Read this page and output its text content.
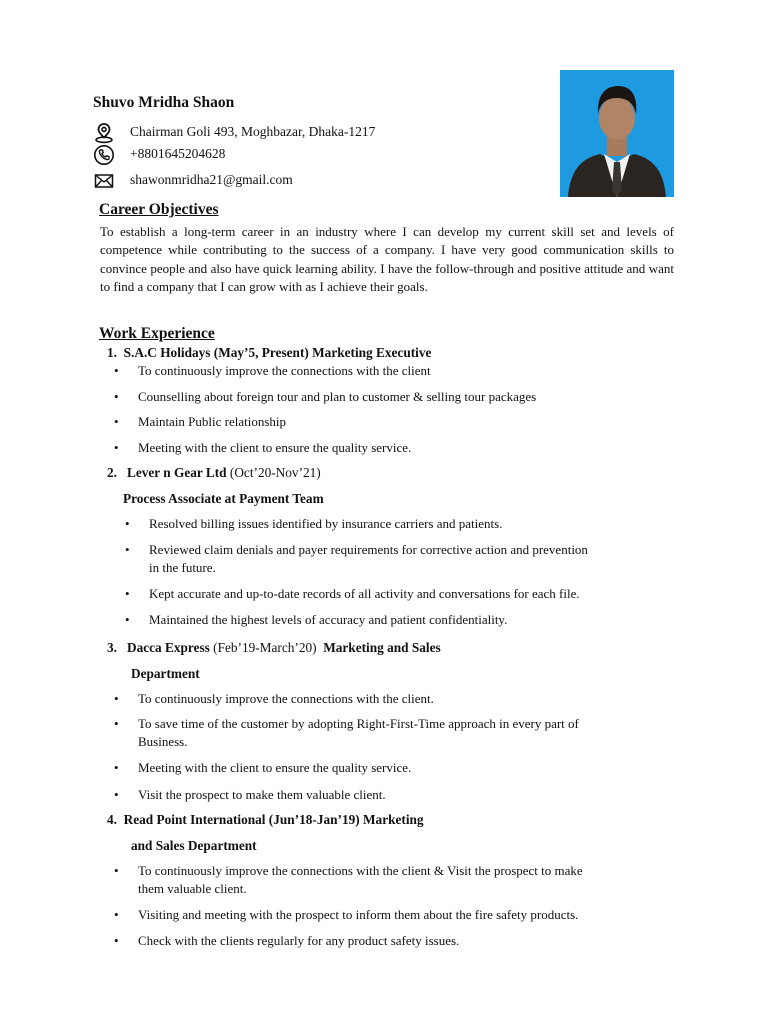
Shuvo Mridha Shaon
Chairman Goli 493, Moghbazar, Dhaka-1217
+8801645204628
shawonmridha21@gmail.com
Career Objectives
To establish a long-term career in an industry where I can develop my current skill set and levels of competence while contributing to the success of a company. I have very good communication skills to convince people and also have quick learning ability. I have the follow-through and positive attitude and want to find a company that I can grow with as I achieve their goals.
Work Experience
1. S.A.C Holidays (May’5, Present) Marketing Executive
• To continuously improve the connections with the client
• Counselling about foreign tour and plan to customer & selling tour packages
• Maintain Public relationship
• Meeting with the client to ensure the quality service.
2. Lever n Gear Ltd (Oct’20-Nov’21)
Process Associate at Payment Team
• Resolved billing issues identified by insurance carriers and patients.
• Reviewed claim denials and payer requirements for corrective action and prevention
in the future.
• Kept accurate and up-to-date records of all activity and conversations for each file.
• Maintained the highest levels of accuracy and patient confidentiality.
3. Dacca Express (Feb’19-March’20) Marketing and Sales
Department
• To continuously improve the connections with the client.
• To save time of the customer by adopting Right-First-Time approach in every part of
Business.
• Meeting with the client to ensure the quality service.
• Visit the prospect to make them valuable client.
4. Read Point International (Jun’18-Jan’19) Marketing
and Sales Department
• To continuously improve the connections with the client & Visit the prospect to make
them valuable client.
• Visiting and meeting with the prospect to inform them about the fire safety products.
• Check with the clients regularly for any product safety issues.
